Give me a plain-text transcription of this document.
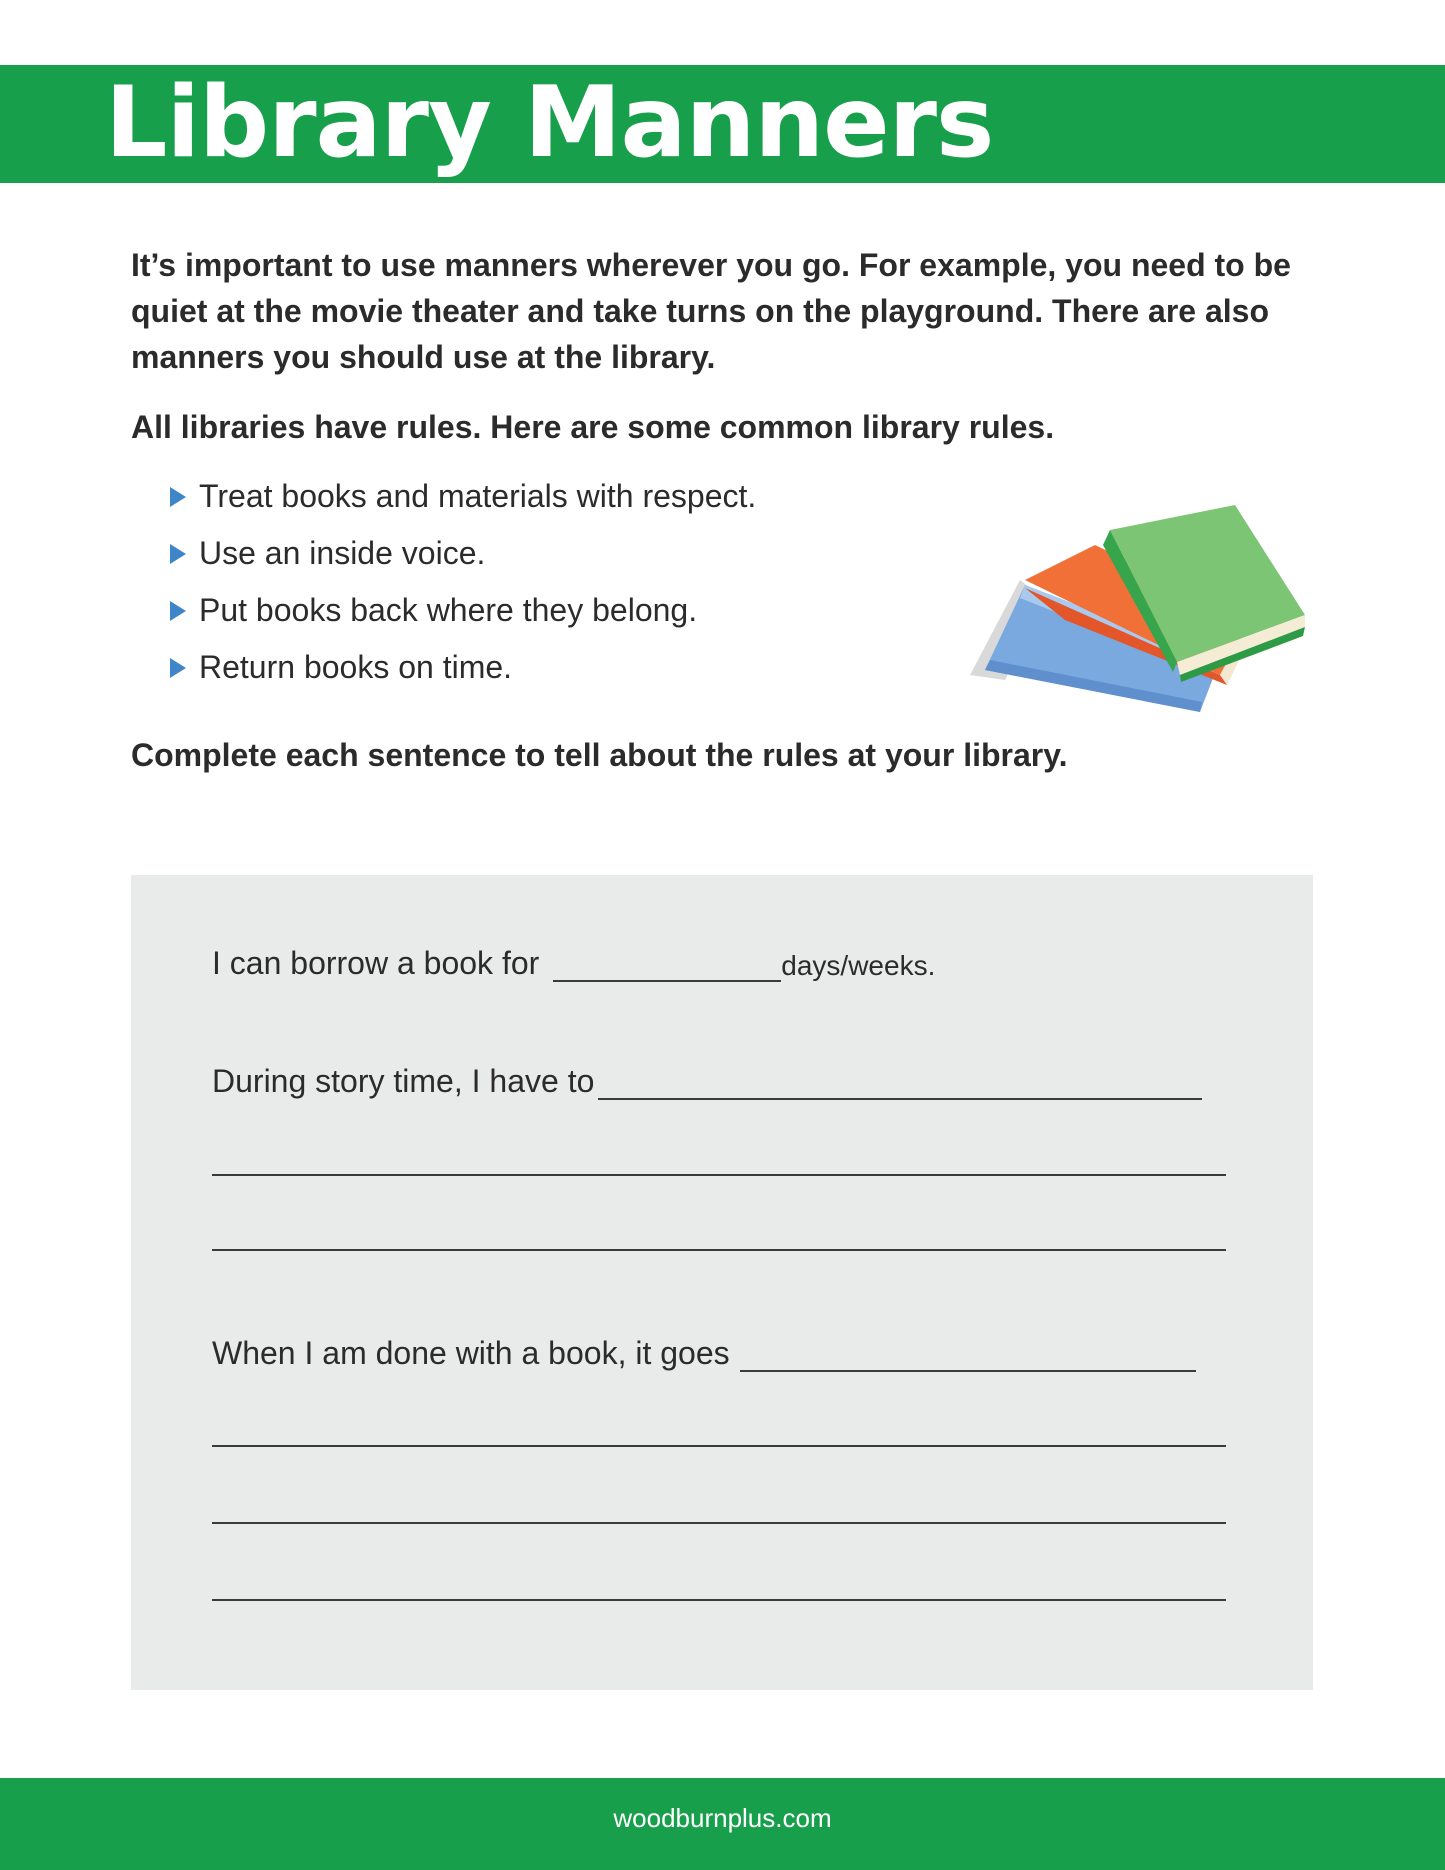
Library Manners
It’s important to use manners wherever you go. For example, you need to be quiet at the movie theater and take turns on the playground. There are also manners you should use at the library.
All libraries have rules. Here are some common library rules.
Treat books and materials with respect.
Use an inside voice.
Put books back where they belong.
Return books on time.
Complete each sentence to tell about the rules at your library.
I can borrow a book for	days/weeks.
During story time, I have to
When I am done with a book, it goes
woodburnplus.com
